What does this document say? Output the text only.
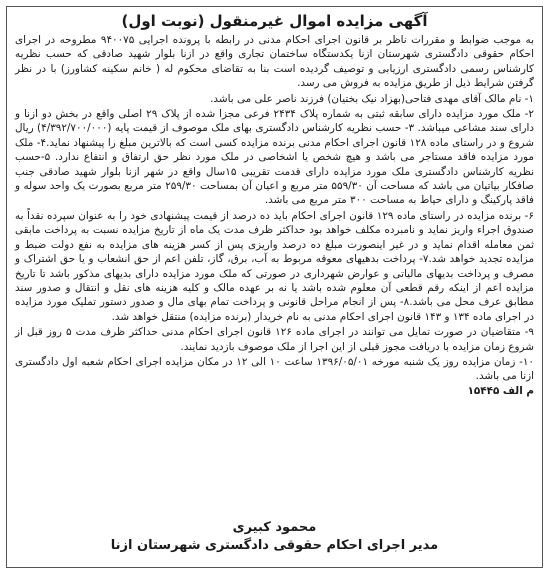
آگهی مزایده اموال غیرمنقول (نوبت اول)

به موجب ضوابط و مقررات ناظر بر قانون اجرای احکام مدنی در رابطه با پرونده اجرایی ۹۴۰۰۷۵ مطروحه در اجرای احکام حقوقی دادگستری شهرستان ازنا یکدستگاه ساختمان تجاری واقع در ازنا بلوار شهید صادقی که حسب نظریه کارشناس رسمی دادگستری ارزیابی و توصیف گردیده است بنا به تقاضای محکوم له ( خانم سکینه کشاورز) با در نظر گرفتن شرایط ذیل از طریق مزایده به فروش می رسد.

۱- نام مالک آقای مهدی فتاحی(بهزاد نیک بختیان) فرزند ناصر علی می باشد.

۲- ملک مورد مزایده دارای سابقه ثبتی به شماره پلاک ۲۴۳۴ فرعی مجزا شده از پلاک ۲۹ اصلی واقع در بخش دو ازنا و دارای سند مشاعی میباشد. ۳- حسب نظریه کارشناس دادگستری بهای ملک موصوف از قیمت پایه (۴/۳۹۲/۷۰۰/۰۰۰) ریال شروع و در راستای ماده ۱۲۸ قانون اجرای احکام مدنی برنده مزایده کسی است که بالاترین مبلغ را پیشنهاد نماید.۴- ملک مورد مزایده فاقد مستاجر می باشد و هیچ شخص یا اشخاصی در ملک مورد نظر حق ارتفاق و انتفاع ندارد. ۵-حسب نظریه کارشناس دادگستری ملک مورد مزایده دارای قدمت تقریبی ۱۵سال واقع در شهر ازنا بلوار شهید صادقی جنب صافکار بیاتیان می باشد که مساحت آن ۵۵۹/۳۰ متر مربع و اعیان آن بمساحت ۲۵۹/۳۰ متر مربع بصورت یک واحد سوله و فاقد پارکینگ و دارای حیاط به مساحت ۳۰۰ متر مربع می باشد.

۶- برنده مزایده در راستای ماده ۱۲۹ قانون اجرای احکام باید ده درصد از قیمت پیشنهادی خود را به عنوان سپرده نقداً به صندوق اجراء واریز نماید و نامبرده مکلف خواهد بود حداکثر ظرف مدت یک ماه از تاریخ مزایده نسبت به پرداخت مابقی ثمن معامله اقدام نماید و در غیر اینصورت مبلغ ده درصد واریزی پس از کسر هزینه های مزایده به نفع دولت ضبط و مزایده تجدید خواهد شد.۷- پرداخت بدهیهای معوقه مربوط به آب، برق، گاز، تلفن اعم از حق انشعاب و یا حق اشتراک و مصرف و پرداخت بدیهای مالیاتی و عوارض شهرداری در صورتی که ملک مورد مزایده دارای بدیهای مذکور باشد تا تاریخ مزایده اعم از اینکه رقم قطعی آن معلوم شده باشد یا نه بر عهده مالک و کلیه هزینه های نقل و انتقال و صدور سند مطابق عرف محل می باشد.۸- پس از انجام مراحل قانونی و پرداخت تمام بهای مال و صدور دستور تملیک مورد مزایده در اجرای ماده ۱۳۴ و ۱۴۳ قانون اجرای احکام مدنی به نام خریدار (برنده مزایده) منتقل خواهد شد.

۹- متقاضیان در صورت تمایل می توانند در اجرای ماده ۱۲۶ قانون اجرای احکام مدنی حداکثر ظرف مدت ۵ روز قبل از شروع زمان مزایده با دریافت مجوز قبلی از این اجرا از ملک موصوف بازدید نمایند.

۱۰- زمان مزایده روز یک شنبه مورخه ۱۳۹۶/۰۵/۰۱ ساعت ۱۰ الی ۱۲ در مکان مزایده اجرای احکام شعبه اول دادگستری ازنا می باشد.

م الف ۱۵۴۴۵
محمود کبیری
مدیر اجرای احکام حقوقی دادگستری شهرستان ازنا
